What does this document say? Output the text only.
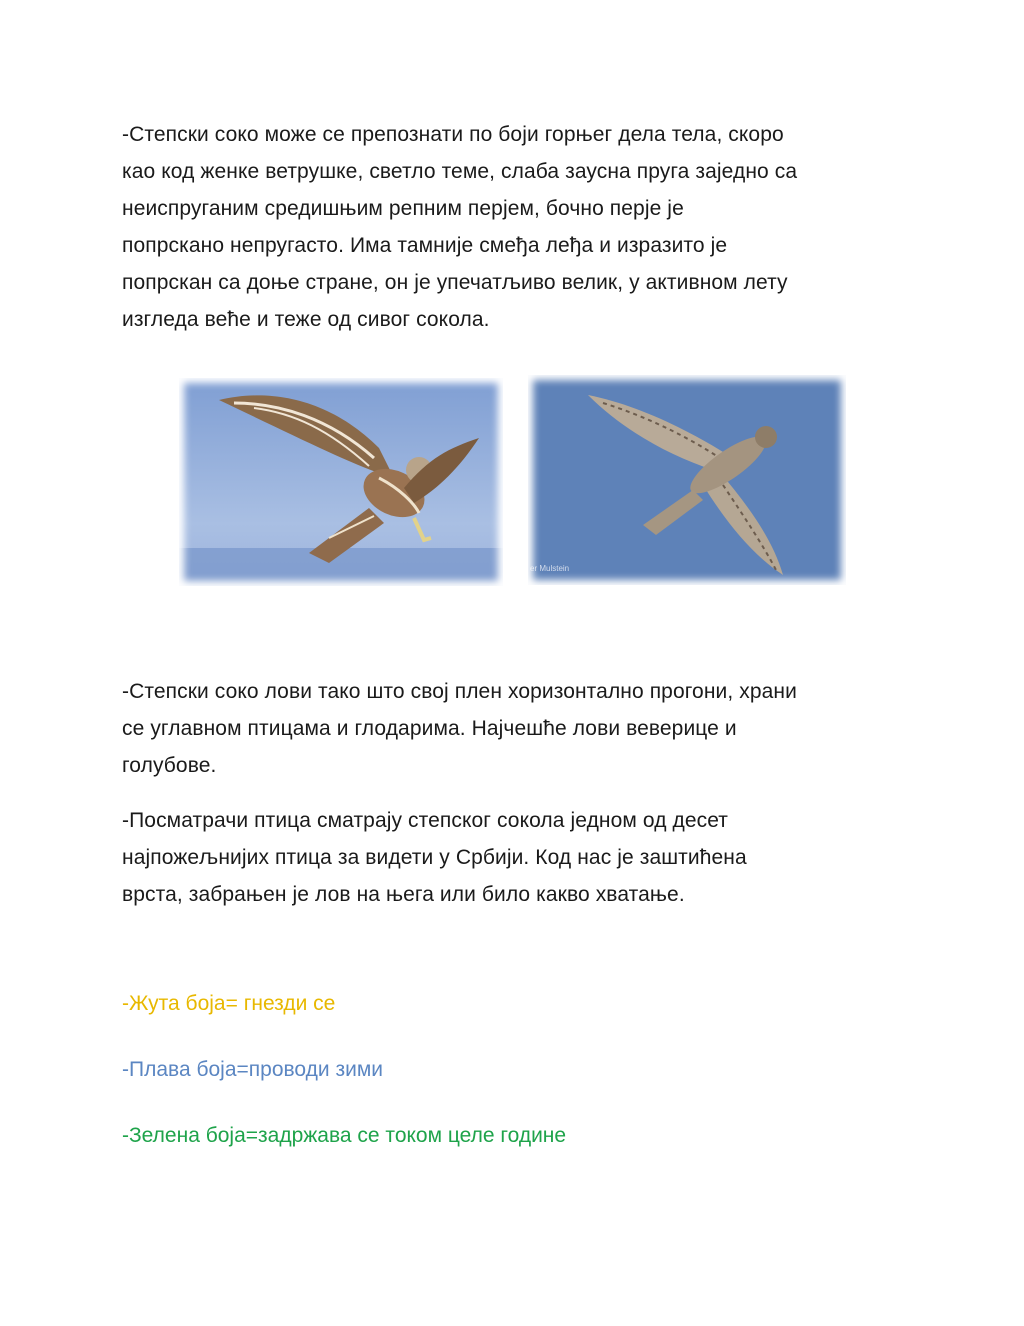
-Степски соко може се препознати по боји горњег дела тела, скоро
као код женке ветрушке, светло теме, слаба заусна пруга заједно са
неиспруганим средишњим репним перјем, бочно перје је
попрскано непругасто. Има тамније смеђа леђа и изразито је
попрскан са доње стране, он је упечатљиво велик, у активном лету
изгледа веће и теже од сивог сокола.

er Mulstein

-Степски соко лови тако што свој плен хоризонтално прогони, храни
се углавном птицама и глодарима. Најчешће лови веверице и
голубове.

-Посматрачи птица сматрају степског сокола једном од десет
најпожељнијих птица за видети у Србији. Код нас је заштићена
врста, забрањен је лов на њега или било какво хватање.

-Жута боја= гнезди се

-Плава боја=проводи зими

-Зелена боја=задржава се током целе године
